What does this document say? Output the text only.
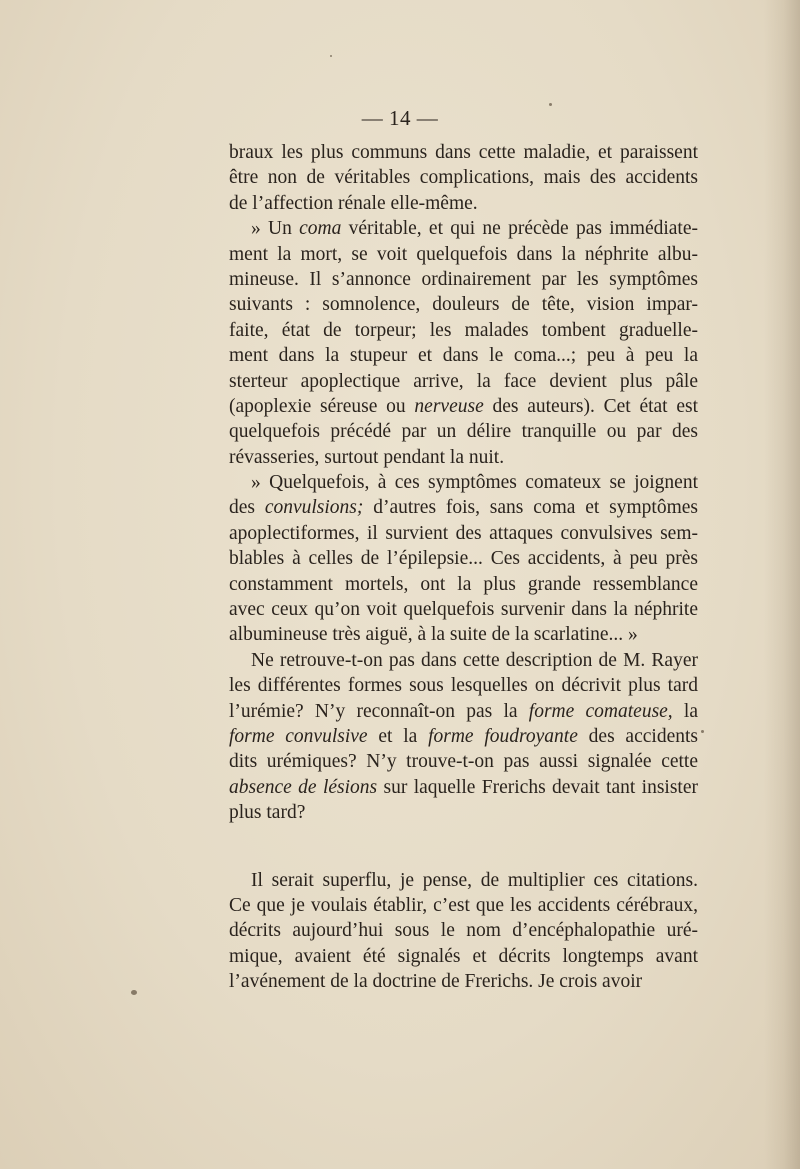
— 14 —
braux les plus communs dans cette maladie, et paraissent
être non de véritables complications, mais des accidents
de l’affection rénale elle-même.
» Un coma véritable, et qui ne précède pas immédiate-
ment la mort, se voit quelquefois dans la néphrite albu-
mineuse. Il s’annonce ordinairement par les symptômes
suivants : somnolence, douleurs de tête, vision impar-
faite, état de torpeur; les malades tombent graduelle-
ment dans la stupeur et dans le coma...; peu à peu la
sterteur apoplectique arrive, la face devient plus pâle
(apoplexie séreuse ou nerveuse des auteurs). Cet état est
quelquefois précédé par un délire tranquille ou par des
révasseries, surtout pendant la nuit.
» Quelquefois, à ces symptômes comateux se joignent
des convulsions; d’autres fois, sans coma et symptômes
apoplectiformes, il survient des attaques convulsives sem-
blables à celles de l’épilepsie... Ces accidents, à peu près
constamment mortels, ont la plus grande ressemblance
avec ceux qu’on voit quelquefois survenir dans la néphrite
albumineuse très aiguë, à la suite de la scarlatine... »
Ne retrouve-t-on pas dans cette description de M. Rayer
les différentes formes sous lesquelles on décrivit plus tard
l’urémie? N’y reconnaît-on pas la forme comateuse, la
forme convulsive et la forme foudroyante des accidents
dits urémiques? N’y trouve-t-on pas aussi signalée cette
absence de lésions sur laquelle Frerichs devait tant insister
plus tard?
Il serait superflu, je pense, de multiplier ces citations.
Ce que je voulais établir, c’est que les accidents cérébraux,
décrits aujourd’hui sous le nom d’encéphalopathie uré-
mique, avaient été signalés et décrits longtemps avant
l’avénement de la doctrine de Frerichs. Je crois avoir
